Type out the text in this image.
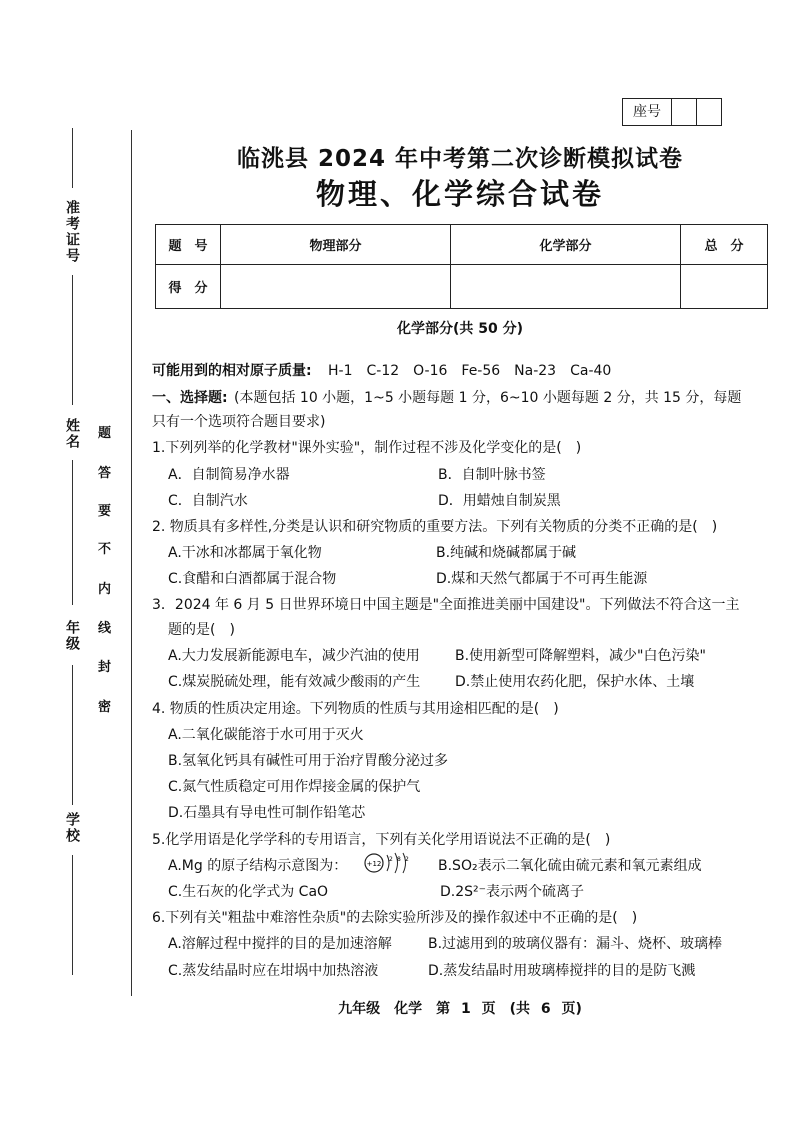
座号
准考证号
姓名
年级
学校
题
答
要
不
内
线
封
密
临洮县 2024 年中考第二次诊断模拟试卷
物理、化学综合试卷
题　号	物理部分	化学部分	总　分
得　分			
化学部分(共 50 分)
可能用到的相对原子质量: H-1　C-12　O-16　Fe-56　Na-23　Ca-40
一、选择题: (本题包括 10 小题，1~5 小题每题 1 分，6~10 小题每题 2 分，共 15 分，每题
只有一个选项符合题目要求)
1.下列列举的化学教材"课外实验"，制作过程不涉及化学变化的是(　)
A．自制简易净水器	B．自制叶脉书签
C．自制汽水	D．用蜡烛自制炭黑
2. 物质具有多样性,分类是认识和研究物质的重要方法。下列有关物质的分类不正确的是(　)
A.干冰和冰都属于氧化物	B.纯碱和烧碱都属于碱
C.食醋和白酒都属于混合物	D.煤和天然气都属于不可再生能源
3．2024 年 6 月 5 日世界环境日中国主题是"全面推进美丽中国建设"。下列做法不符合这一主
题的是(　)
A.大力发展新能源电车，减少汽油的使用	B.使用新型可降解塑料，减少"白色污染"
C.煤炭脱硫处理，能有效减少酸雨的产生 D.禁止使用农药化肥，保护水体、土壤
4. 物质的性质决定用途。下列物质的性质与其用途相匹配的是(　)
A.二氧化碳能溶于水可用于灭火
B.氢氧化钙具有碱性可用于治疗胃酸分泌过多
C.氮气性质稳定可用作焊接金属的保护气
D.石墨具有导电性可制作铅笔芯
5.化学用语是化学学科的专用语言，下列有关化学用语说法不正确的是(　)
A.Mg 的原子结构示意图为：	+12
2 8 2 B.SO₂表示二氧化硫由硫元素和氧元素组成
C.生石灰的化学式为 CaO	D.2S²⁻表示两个硫离子
6.下列有关"粗盐中难溶性杂质"的去除实验所涉及的操作叙述中不正确的是(　)
A.溶解过程中搅拌的目的是加速溶解	B.过滤用到的玻璃仪器有：漏斗、烧杯、玻璃棒
C.蒸发结晶时应在坩埚中加热溶液	D.蒸发结晶时用玻璃棒搅拌的目的是防飞溅
九年级　化学　第 1 页　(共 6 页)
